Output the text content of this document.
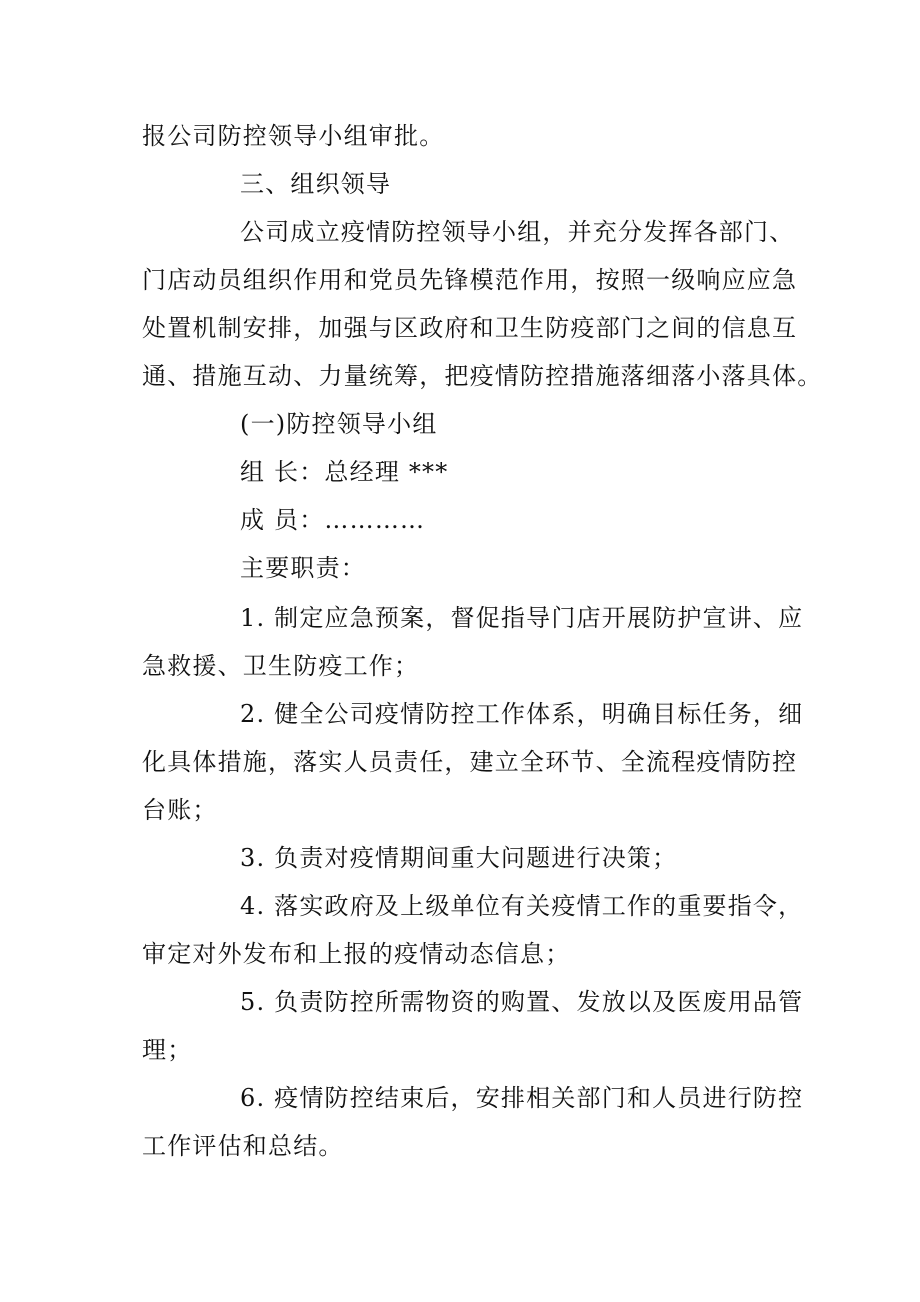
报公司防控领导小组审批。
三、组织领导
公司成立疫情防控领导小组，并充分发挥各部门、
门店动员组织作用和党员先锋模范作用，按照一级响应应急
处置机制安排，加强与区政府和卫生防疫部门之间的信息互
通、措施互动、力量统筹，把疫情防控措施落细落小落具体。
(一)防控领导小组
组 长：总经理 ***
成 员：…………
主要职责：
1. 制定应急预案，督促指导门店开展防护宣讲、应
急救援、卫生防疫工作；
2. 健全公司疫情防控工作体系，明确目标任务，细
化具体措施，落实人员责任，建立全环节、全流程疫情防控
台账；
3. 负责对疫情期间重大问题进行决策；
4. 落实政府及上级单位有关疫情工作的重要指令，
审定对外发布和上报的疫情动态信息；
5. 负责防控所需物资的购置、发放以及医废用品管
理；
6. 疫情防控结束后，安排相关部门和人员进行防控
工作评估和总结。
